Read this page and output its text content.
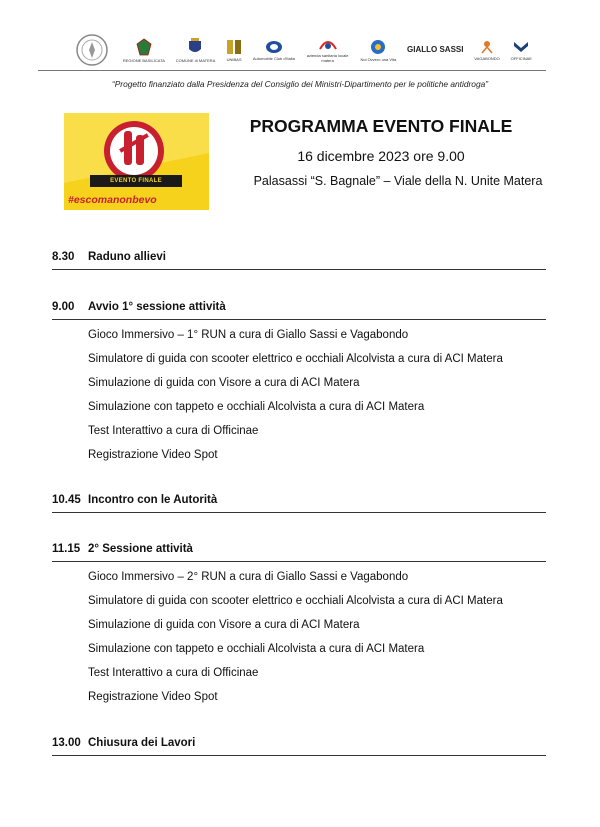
REGIONE BASILICATA	COMUNE di MATERA	UNIBAS	Automobile Club d'Italia	azienda sanitaria locale matera	Noi Ovvero una Vita
GIALLO SASSI
VAGABONDO	OFFICINAE
“Progetto finanziato dalla Presidenza del Consiglio dei Ministri-Dipartimento per le politiche antidroga”
EVENTO FINALE
#escomanonbevo
PROGRAMMA EVENTO FINALE
16 dicembre 2023 ore 9.00
Palasassi “S. Bagnale” – Viale della N. Unite Matera
8.30	Raduno allievi
9.00	Avvio 1° sessione attività
Gioco Immersivo – 1° RUN a cura di Giallo Sassi e Vagabondo
Simulatore di guida con scooter elettrico e occhiali Alcolvista a cura di ACI Matera
Simulazione di guida con Visore a cura di ACI Matera
Simulazione con tappeto e occhiali Alcolvista a cura di ACI Matera
Test Interattivo a cura di Officinae
Registrazione Video Spot
10.45 Incontro con le Autorità
11.15 2° Sessione attività
Gioco Immersivo – 2° RUN a cura di Giallo Sassi e Vagabondo
Simulatore di guida con scooter elettrico e occhiali Alcolvista a cura di ACI Matera
Simulazione di guida con Visore a cura di ACI Matera
Simulazione con tappeto e occhiali Alcolvista a cura di ACI Matera
Test Interattivo a cura di Officinae
Registrazione Video Spot
13.00 Chiusura dei Lavori
